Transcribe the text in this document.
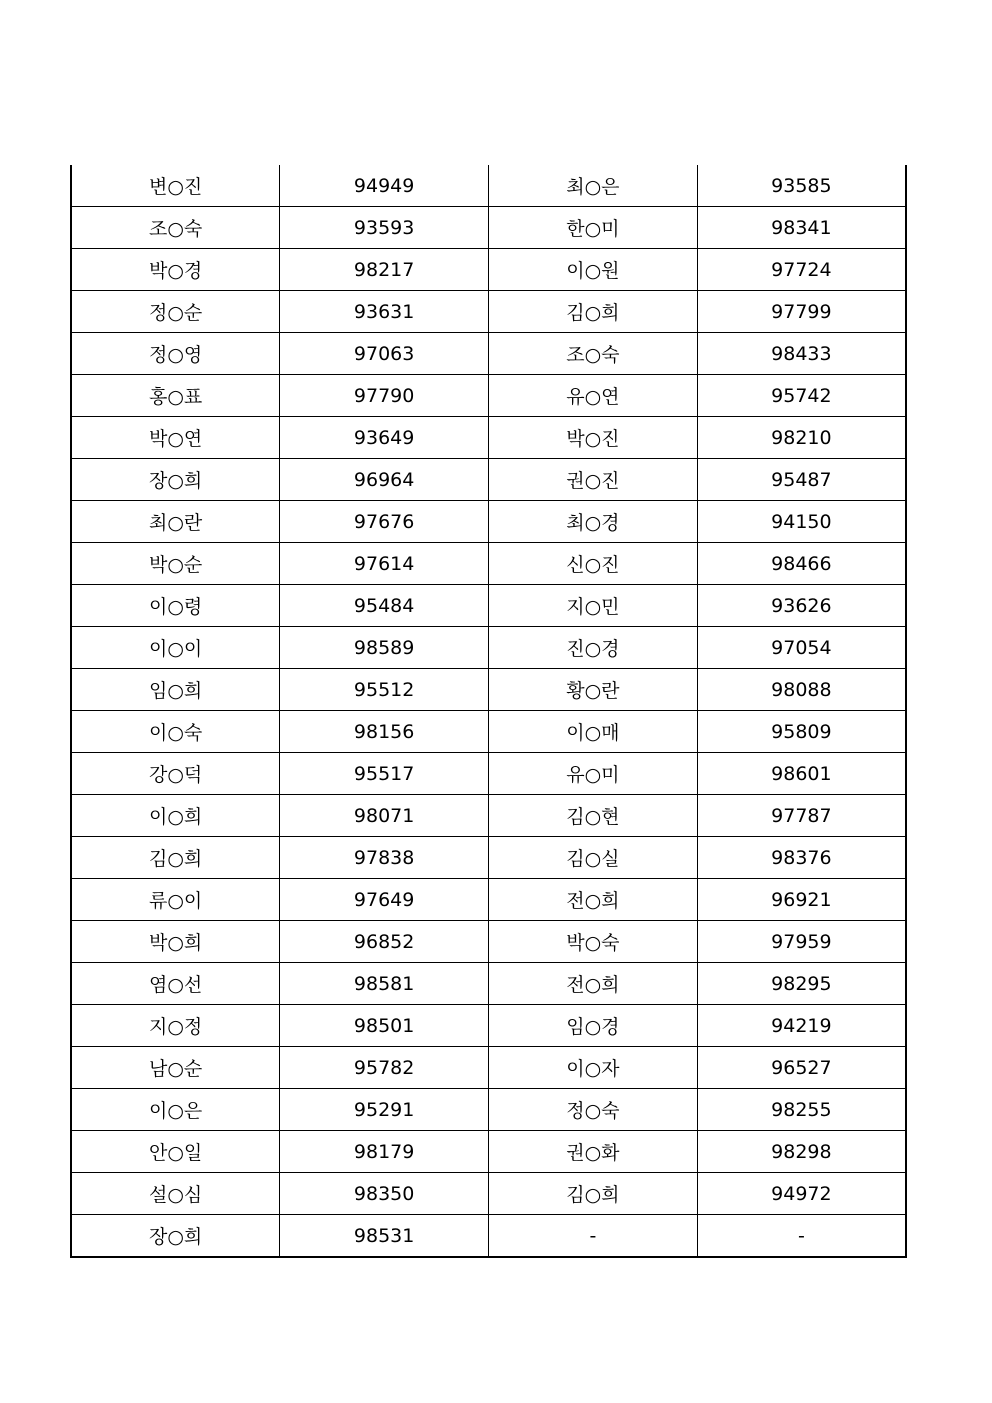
변○진	94949	최○은	93585
조○숙	93593	한○미	98341
박○경	98217	이○원	97724
정○순	93631	김○희	97799
정○영	97063	조○숙	98433
홍○표	97790	유○연	95742
박○연	93649	박○진	98210
장○희	96964	권○진	95487
최○란	97676	최○경	94150
박○순	97614	신○진	98466
이○령	95484	지○민	93626
이○이	98589	진○경	97054
임○희	95512	황○란	98088
이○숙	98156	이○매	95809
강○덕	95517	유○미	98601
이○희	98071	김○현	97787
김○희	97838	김○실	98376
류○이	97649	전○희	96921
박○희	96852	박○숙	97959
염○선	98581	전○희	98295
지○정	98501	임○경	94219
남○순	95782	이○자	96527
이○은	95291	정○숙	98255
안○일	98179	권○화	98298
설○심	98350	김○희	94972
장○희	98531	-	-
